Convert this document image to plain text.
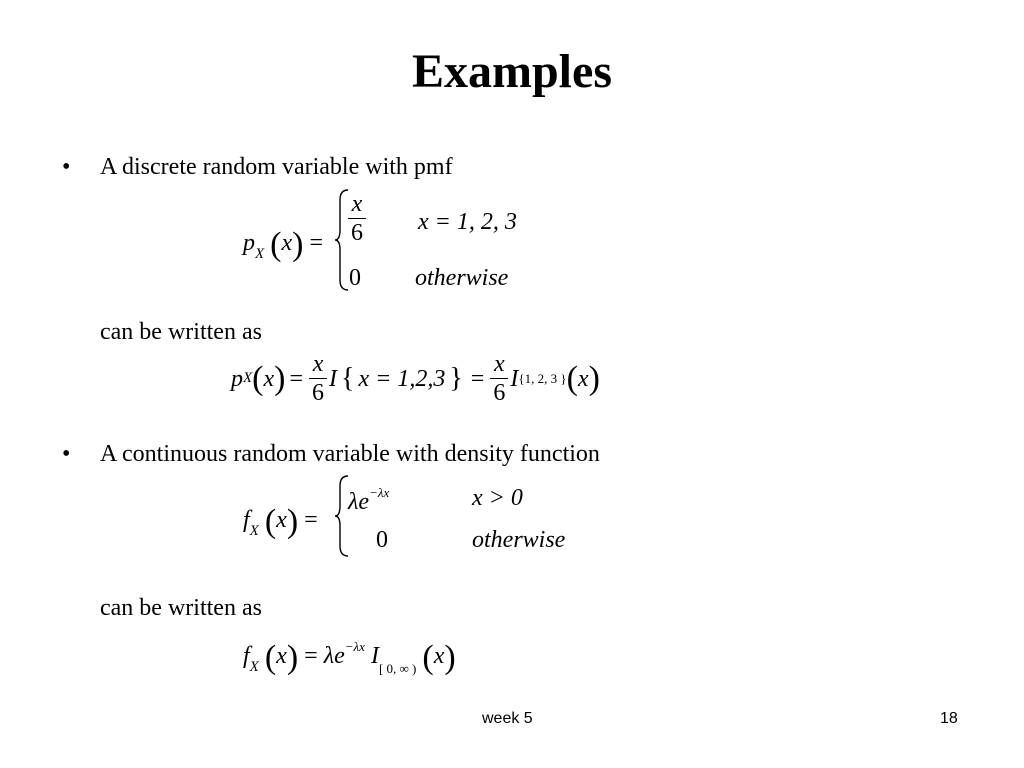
Examples
• A discrete random variable with pmf
$p_X$ $(x) = \frac{x}{6}$ x = 1, 2, 3
0 otherwise
can be written as
p X ( x ) = $\frac{x}{6}$ I { x = 1,2,3 } = $\frac{x}{6}$ I {1, 2, 3 } ( x )
• A continuous random variable with density function
$f_X$ (x) =
$\lambda e^{-\lambda x}$	x > 0
0	otherwise
can be written as
$f_X$ $(x) = \lambda e^{-\lambda x}$ $I_{[ 0, \infty )}$ (x)
week 5	18
